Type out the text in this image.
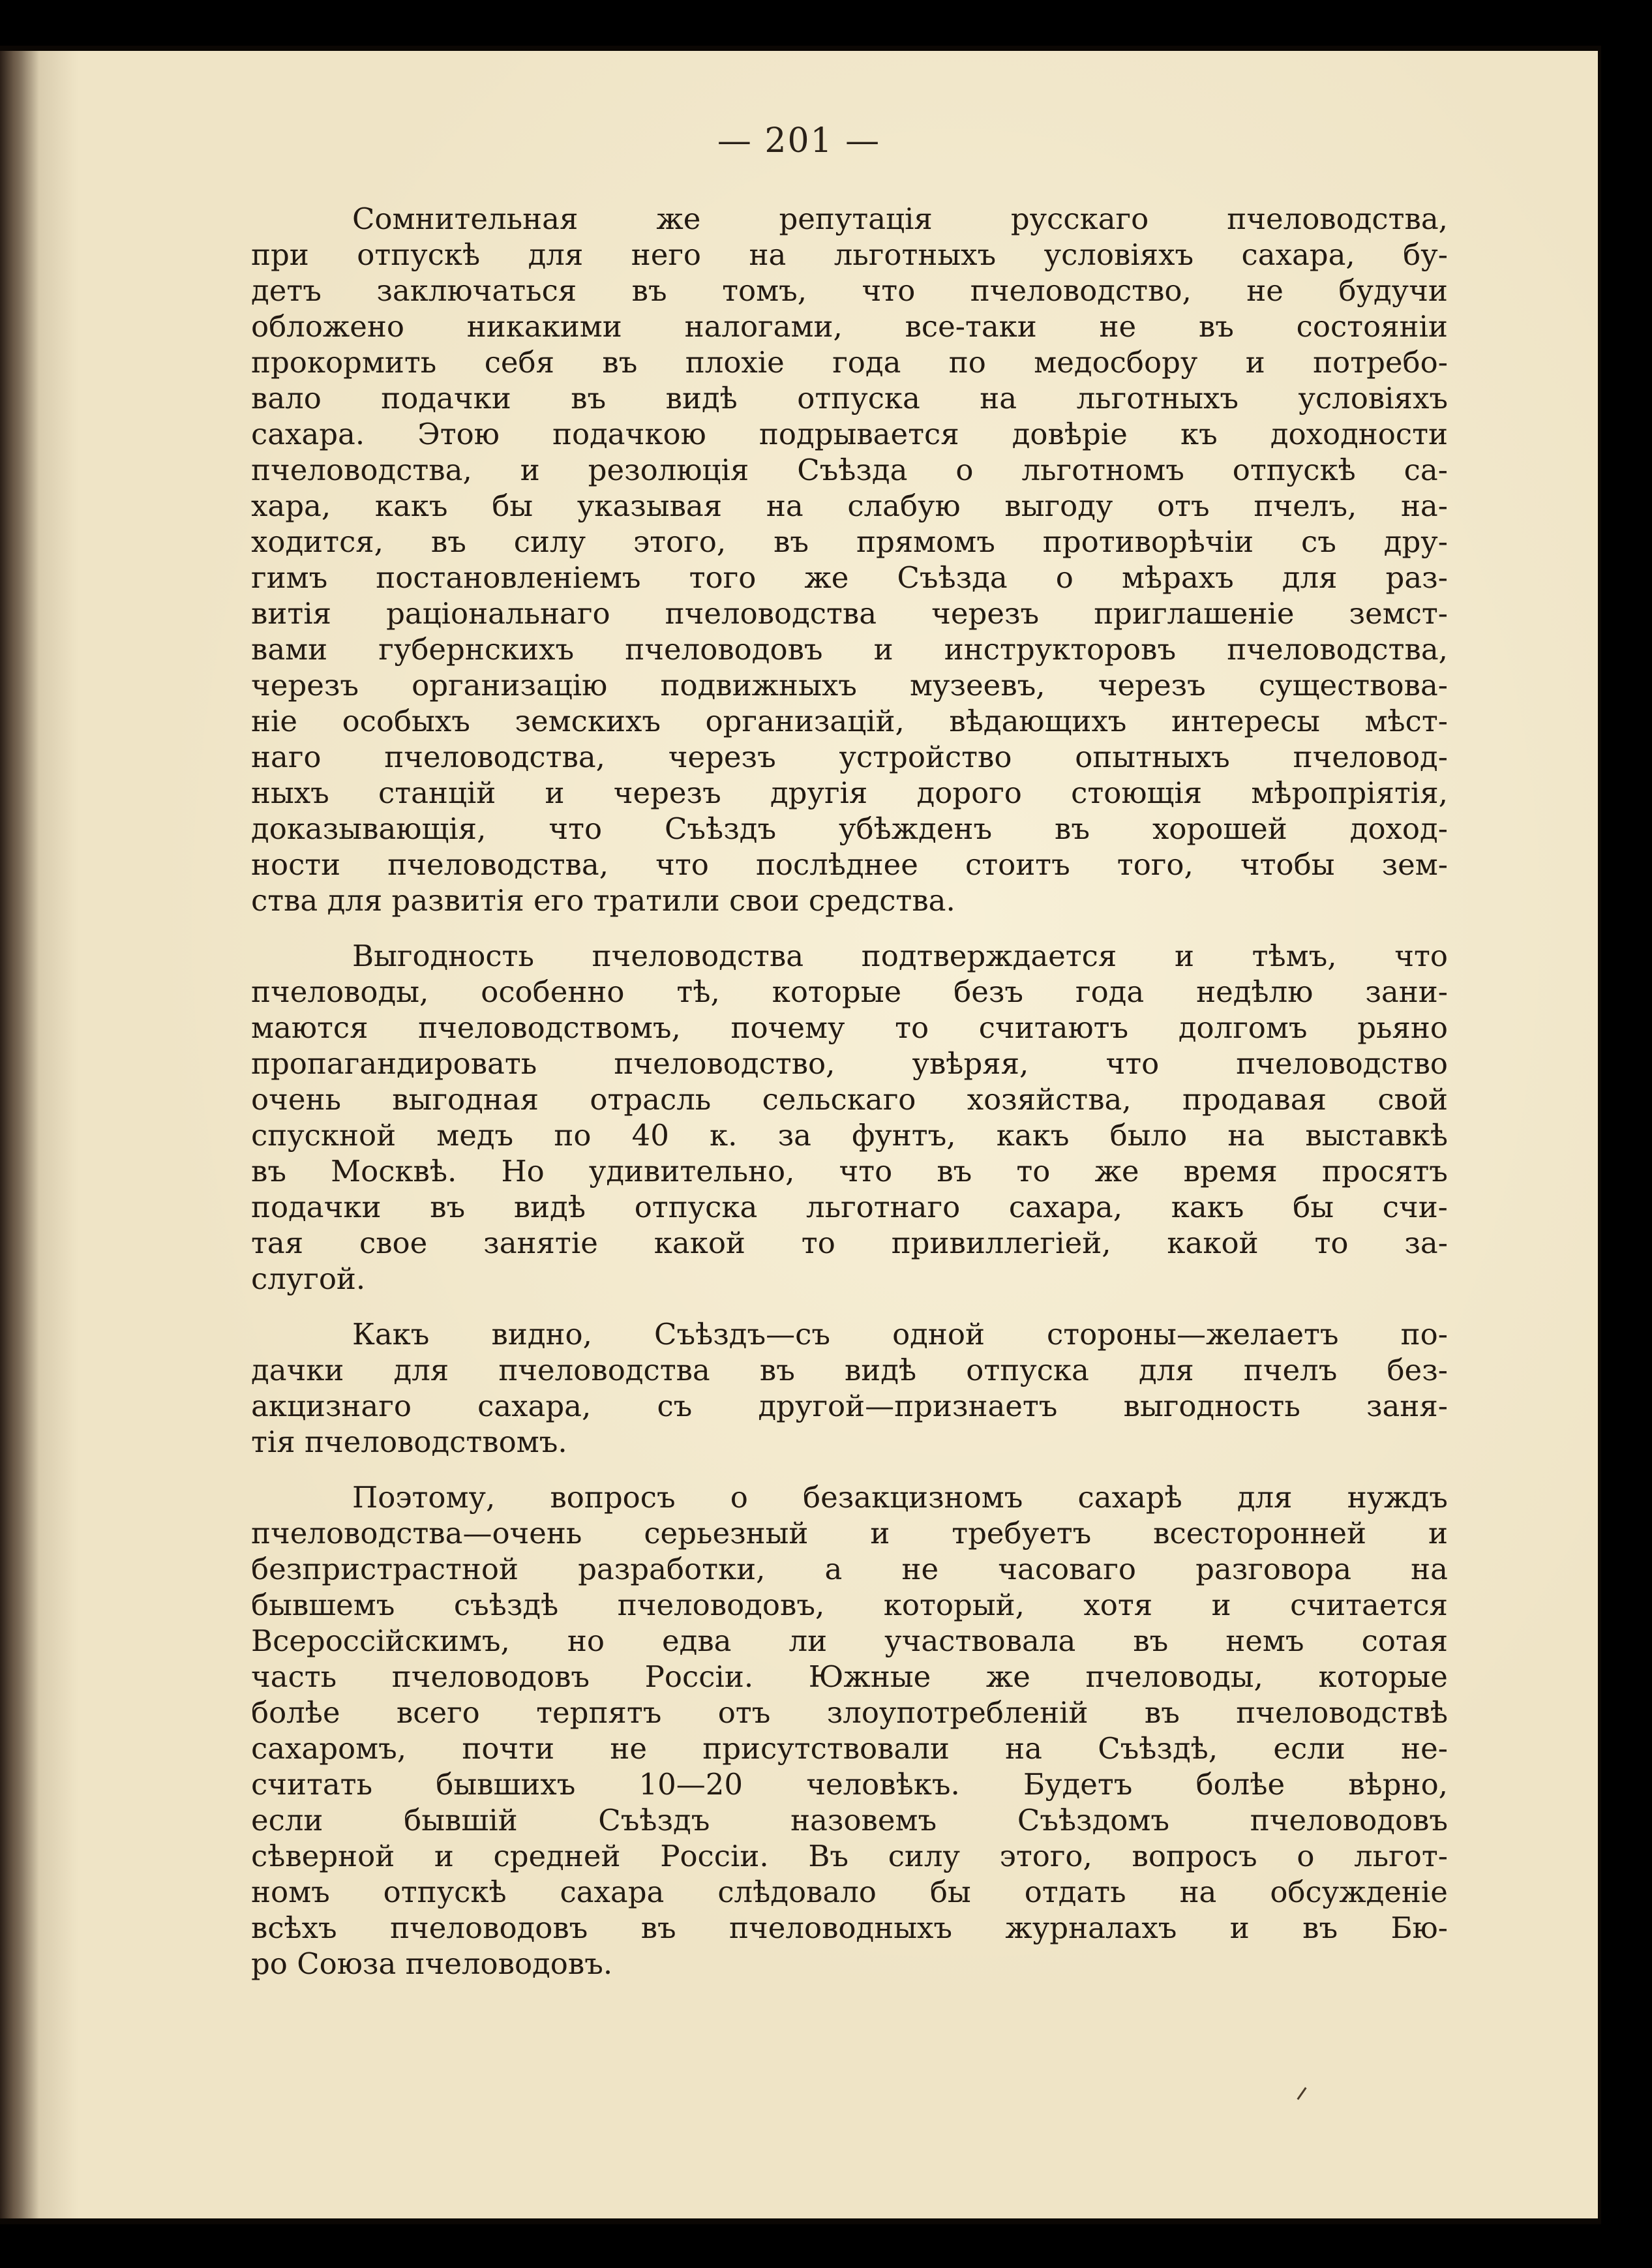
— 201 —
Сомнительная	же	репутація	русскаго	пчеловодства,
при отпускѣ для него на льготныхъ условіяхъ сахара, бу-
детъ заключаться въ томъ, что пчеловодство, не будучи
обложено никакими налогами, все-таки не въ состояніи
прокормить себя въ плохіе года по медосбору и потребо-
вало подачки въ видѣ отпуска на льготныхъ условіяхъ
сахара. Этою подачкою подрывается довѣріе къ доходности
пчеловодства, и резолюція Съѣзда о льготномъ отпускѣ са-
хара, какъ бы указывая на слабую выгоду отъ пчелъ, на-
ходится, въ силу этого, въ прямомъ противорѣчіи съ дру-
гимъ постановленіемъ того же Съѣзда о мѣрахъ для раз-
витія раціональнаго пчеловодства черезъ приглашеніе земст-
вами губернскихъ пчеловодовъ и инструкторовъ пчеловодства,
черезъ организацію подвижныхъ музеевъ, черезъ существова-
ніе особыхъ земскихъ организацій, вѣдающихъ интересы мѣст-
наго пчеловодства, черезъ устройство опытныхъ пчеловод-
ныхъ станцій и черезъ другія дорого стоющія мѣропріятія,
доказывающія, что Съѣздъ убѣжденъ въ хорошей доход-
ности пчеловодства, что послѣднее стоитъ того, чтобы зем-
ства для развитія его тратили свои средства.
Выгодность пчеловодства подтверждается и тѣмъ, что
пчеловоды, особенно тѣ, которые безъ года недѣлю зани-
маются пчеловодствомъ, почему то считаютъ долгомъ рьяно
пропагандировать	пчеловодство,	увѣряя,	что	пчеловодство
очень выгодная отрасль сельскаго хозяйства, продавая свой
спускной медъ по 40 к. за фунтъ, какъ было на выставкѣ
въ Москвѣ. Но удивительно, что въ то же время просятъ
подачки въ видѣ отпуска льготнаго сахара, какъ бы счи-
тая свое занятіе какой то привиллегіей, какой то за-
слугой.
Какъ видно, Съѣздъ—съ одной стороны—желаетъ по-
дачки для пчеловодства въ видѣ отпуска для пчелъ без-
акцизнаго сахара, съ другой—признаетъ выгодность заня-
тія пчеловодствомъ.
Поэтому, вопросъ о безакцизномъ сахарѣ для нуждъ
пчеловодства—очень серьезный и требуетъ всесторонней и
безпристрастной разработки, а не часоваго разговора на
бывшемъ съѣздѣ пчеловодовъ, который, хотя и считается
Всероссійскимъ, но едва ли участвовала въ немъ сотая
часть пчеловодовъ Россіи. Южные же пчеловоды, которые
болѣе всего терпятъ отъ злоупотребленій въ пчеловодствѣ
сахаромъ, почти не присутствовали на Съѣздѣ, если не-
считать бывшихъ 10—20 человѣкъ. Будетъ болѣе вѣрно,
если	бывшій	Съѣздъ	назовемъ	Съѣздомъ	пчеловодовъ
сѣверной и средней Россіи. Въ силу этого, вопросъ о льгот-
номъ отпускѣ сахара слѣдовало бы отдать на обсужденіе
всѣхъ пчеловодовъ въ пчеловодныхъ журналахъ и въ Бю-
ро Союза пчеловодовъ.
